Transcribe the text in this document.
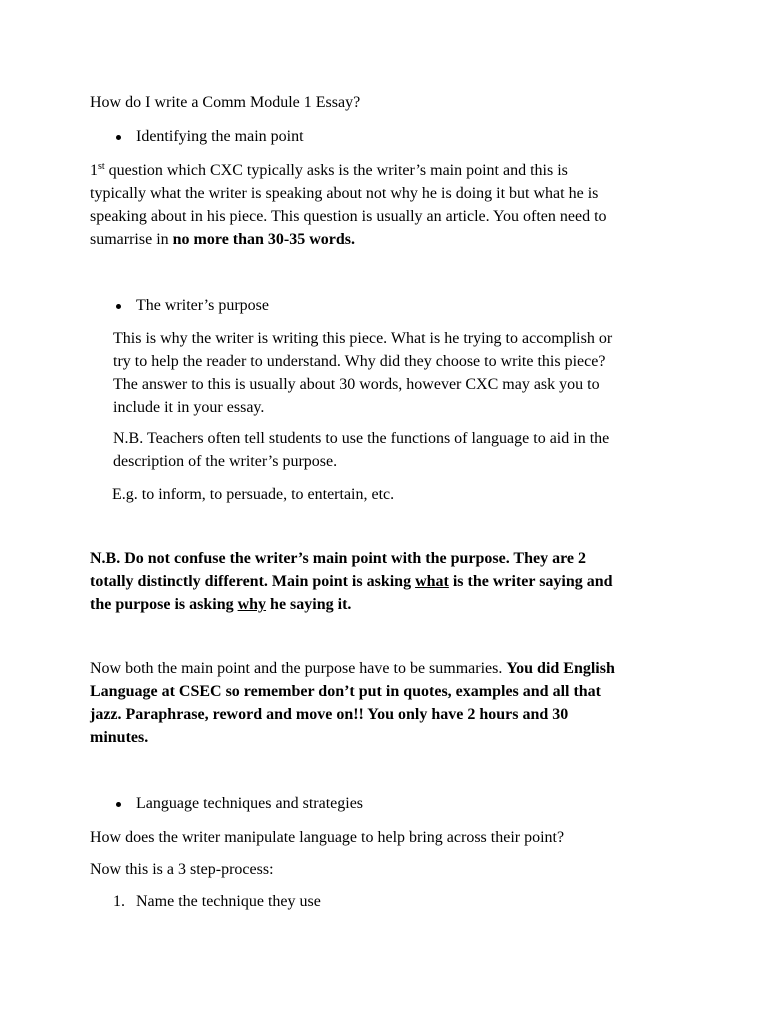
How do I write a Comm Module 1 Essay?
Identifying the main point
1st question which CXC typically asks is the writer’s main point and this is
typically what the writer is speaking about not why he is doing it but what he is
speaking about in his piece. This question is usually an article. You often need to
sumarrise in no more than 30-35 words.
The writer’s purpose
This is why the writer is writing this piece. What is he trying to accomplish or
try to help the reader to understand. Why did they choose to write this piece?
The answer to this is usually about 30 words, however CXC may ask you to
include it in your essay.
N.B. Teachers often tell students to use the functions of language to aid in the
description of the writer’s purpose.
E.g. to inform, to persuade, to entertain, etc.
N.B. Do not confuse the writer’s main point with the purpose. They are 2
totally distinctly different. Main point is asking what is the writer saying and
the purpose is asking why he saying it.
Now both the main point and the purpose have to be summaries. You did English
Language at CSEC so remember don’t put in quotes, examples and all that
jazz. Paraphrase, reword and move on!! You only have 2 hours and 30
minutes.
Language techniques and strategies
How does the writer manipulate language to help bring across their point?
Now this is a 3 step-process:
1. Name the technique they use
